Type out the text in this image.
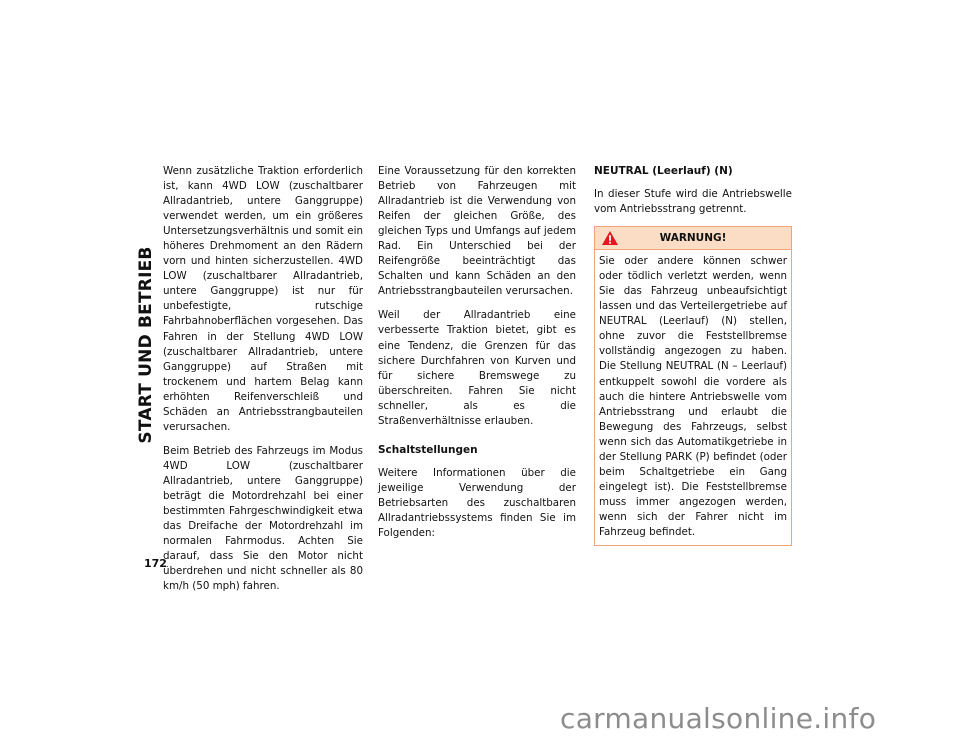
START UND BETRIEB

Wenn zusätzliche Traktion erforderlich ist, kann 4WD LOW (zuschaltbarer Allradantrieb, untere Ganggruppe) verwendet werden, um ein größeres Untersetzungsverhältnis und somit ein höheres Drehmoment an den Rädern vorn und hinten sicherzustellen. 4WD LOW (zuschaltbarer Allradantrieb, untere Ganggruppe) ist nur für unbefestigte, rutschige Fahrbahnoberflächen vorgesehen. Das Fahren in der Stellung 4WD LOW (zuschaltbarer Allradantrieb, untere Ganggruppe) auf Straßen mit trockenem und hartem Belag kann erhöhten Reifenverschleiß und Schäden an Antriebsstrangbauteilen verursachen.

Beim Betrieb des Fahrzeugs im Modus 4WD LOW (zuschaltbarer Allradantrieb, untere Ganggruppe) beträgt die Motordrehzahl bei einer bestimmten Fahrgeschwindigkeit etwa das Dreifache der Motordrehzahl im normalen Fahrmodus. Achten Sie darauf, dass Sie den Motor nicht überdrehen und nicht schneller als 80 km/h (50 mph) fahren.

Eine Voraussetzung für den korrekten Betrieb von Fahrzeugen mit Allradantrieb ist die Verwendung von Reifen der gleichen Größe, des gleichen Typs und Umfangs auf jedem Rad. Ein Unterschied bei der Reifengröße beeinträchtigt das Schalten und kann Schäden an den Antriebsstrangbauteilen verursachen.

Weil der Allradantrieb eine verbesserte Traktion bietet, gibt es eine Tendenz, die Grenzen für das sichere Durchfahren von Kurven und für sichere Bremswege zu überschreiten. Fahren Sie nicht schneller, als es die Straßenverhältnisse erlauben.

Schaltstellungen

Weitere Informationen über die jeweilige Verwendung der Betriebsarten des zuschaltbaren Allradantriebssystems finden Sie im Folgenden:

NEUTRAL (Leerlauf) (N)

In dieser Stufe wird die Antriebswelle vom Antriebsstrang getrennt.

WARNUNG!
Sie oder andere können schwer oder tödlich verletzt werden, wenn Sie das Fahrzeug unbeaufsichtigt lassen und das Verteilergetriebe auf NEUTRAL (Leerlauf) (N) stellen, ohne zuvor die Feststellbremse vollständig angezogen zu haben. Die Stellung NEUTRAL (N – Leerlauf) entkuppelt sowohl die vordere als auch die hintere Antriebswelle vom Antriebsstrang und erlaubt die Bewegung des Fahrzeugs, selbst wenn sich das Automatikgetriebe in der Stellung PARK (P) befindet (oder beim Schaltgetriebe ein Gang eingelegt ist). Die Feststellbremse muss immer angezogen werden, wenn sich der Fahrer nicht im Fahrzeug befindet.
172
carmanualsonline.info
